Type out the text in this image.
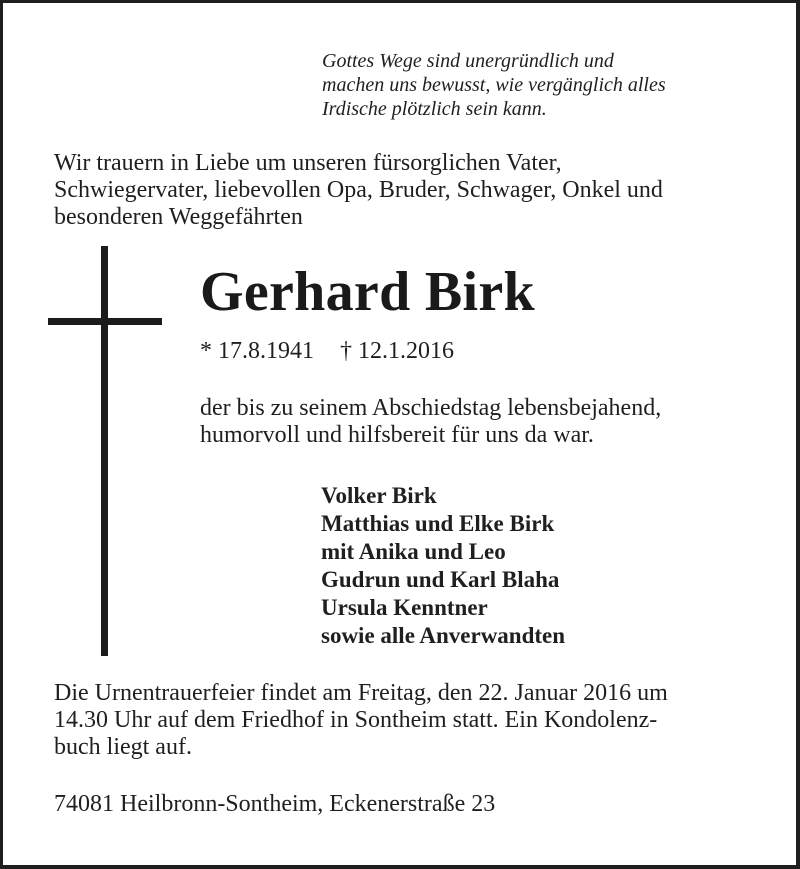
Gottes Wege sind unergründlich und
machen uns bewusst, wie vergänglich alles
Irdische plötzlich sein kann.
Wir trauern in Liebe um unseren fürsorglichen Vater,
Schwiegervater, liebevollen Opa, Bruder, Schwager, Onkel und
besonderen Weggefährten
Gerhard Birk
* 17.8.1941 † 12.1.2016
der bis zu seinem Abschiedstag lebensbejahend,
humorvoll und hilfsbereit für uns da war.
Volker Birk
Matthias und Elke Birk
mit Anika und Leo
Gudrun und Karl Blaha
Ursula Kenntner
sowie alle Anverwandten
Die Urnentrauerfeier findet am Freitag, den 22. Januar 2016 um
14.30 Uhr auf dem Friedhof in Sontheim statt. Ein Kondolenz-
buch liegt auf.
74081 Heilbronn-Sontheim, Eckenerstraße 23
